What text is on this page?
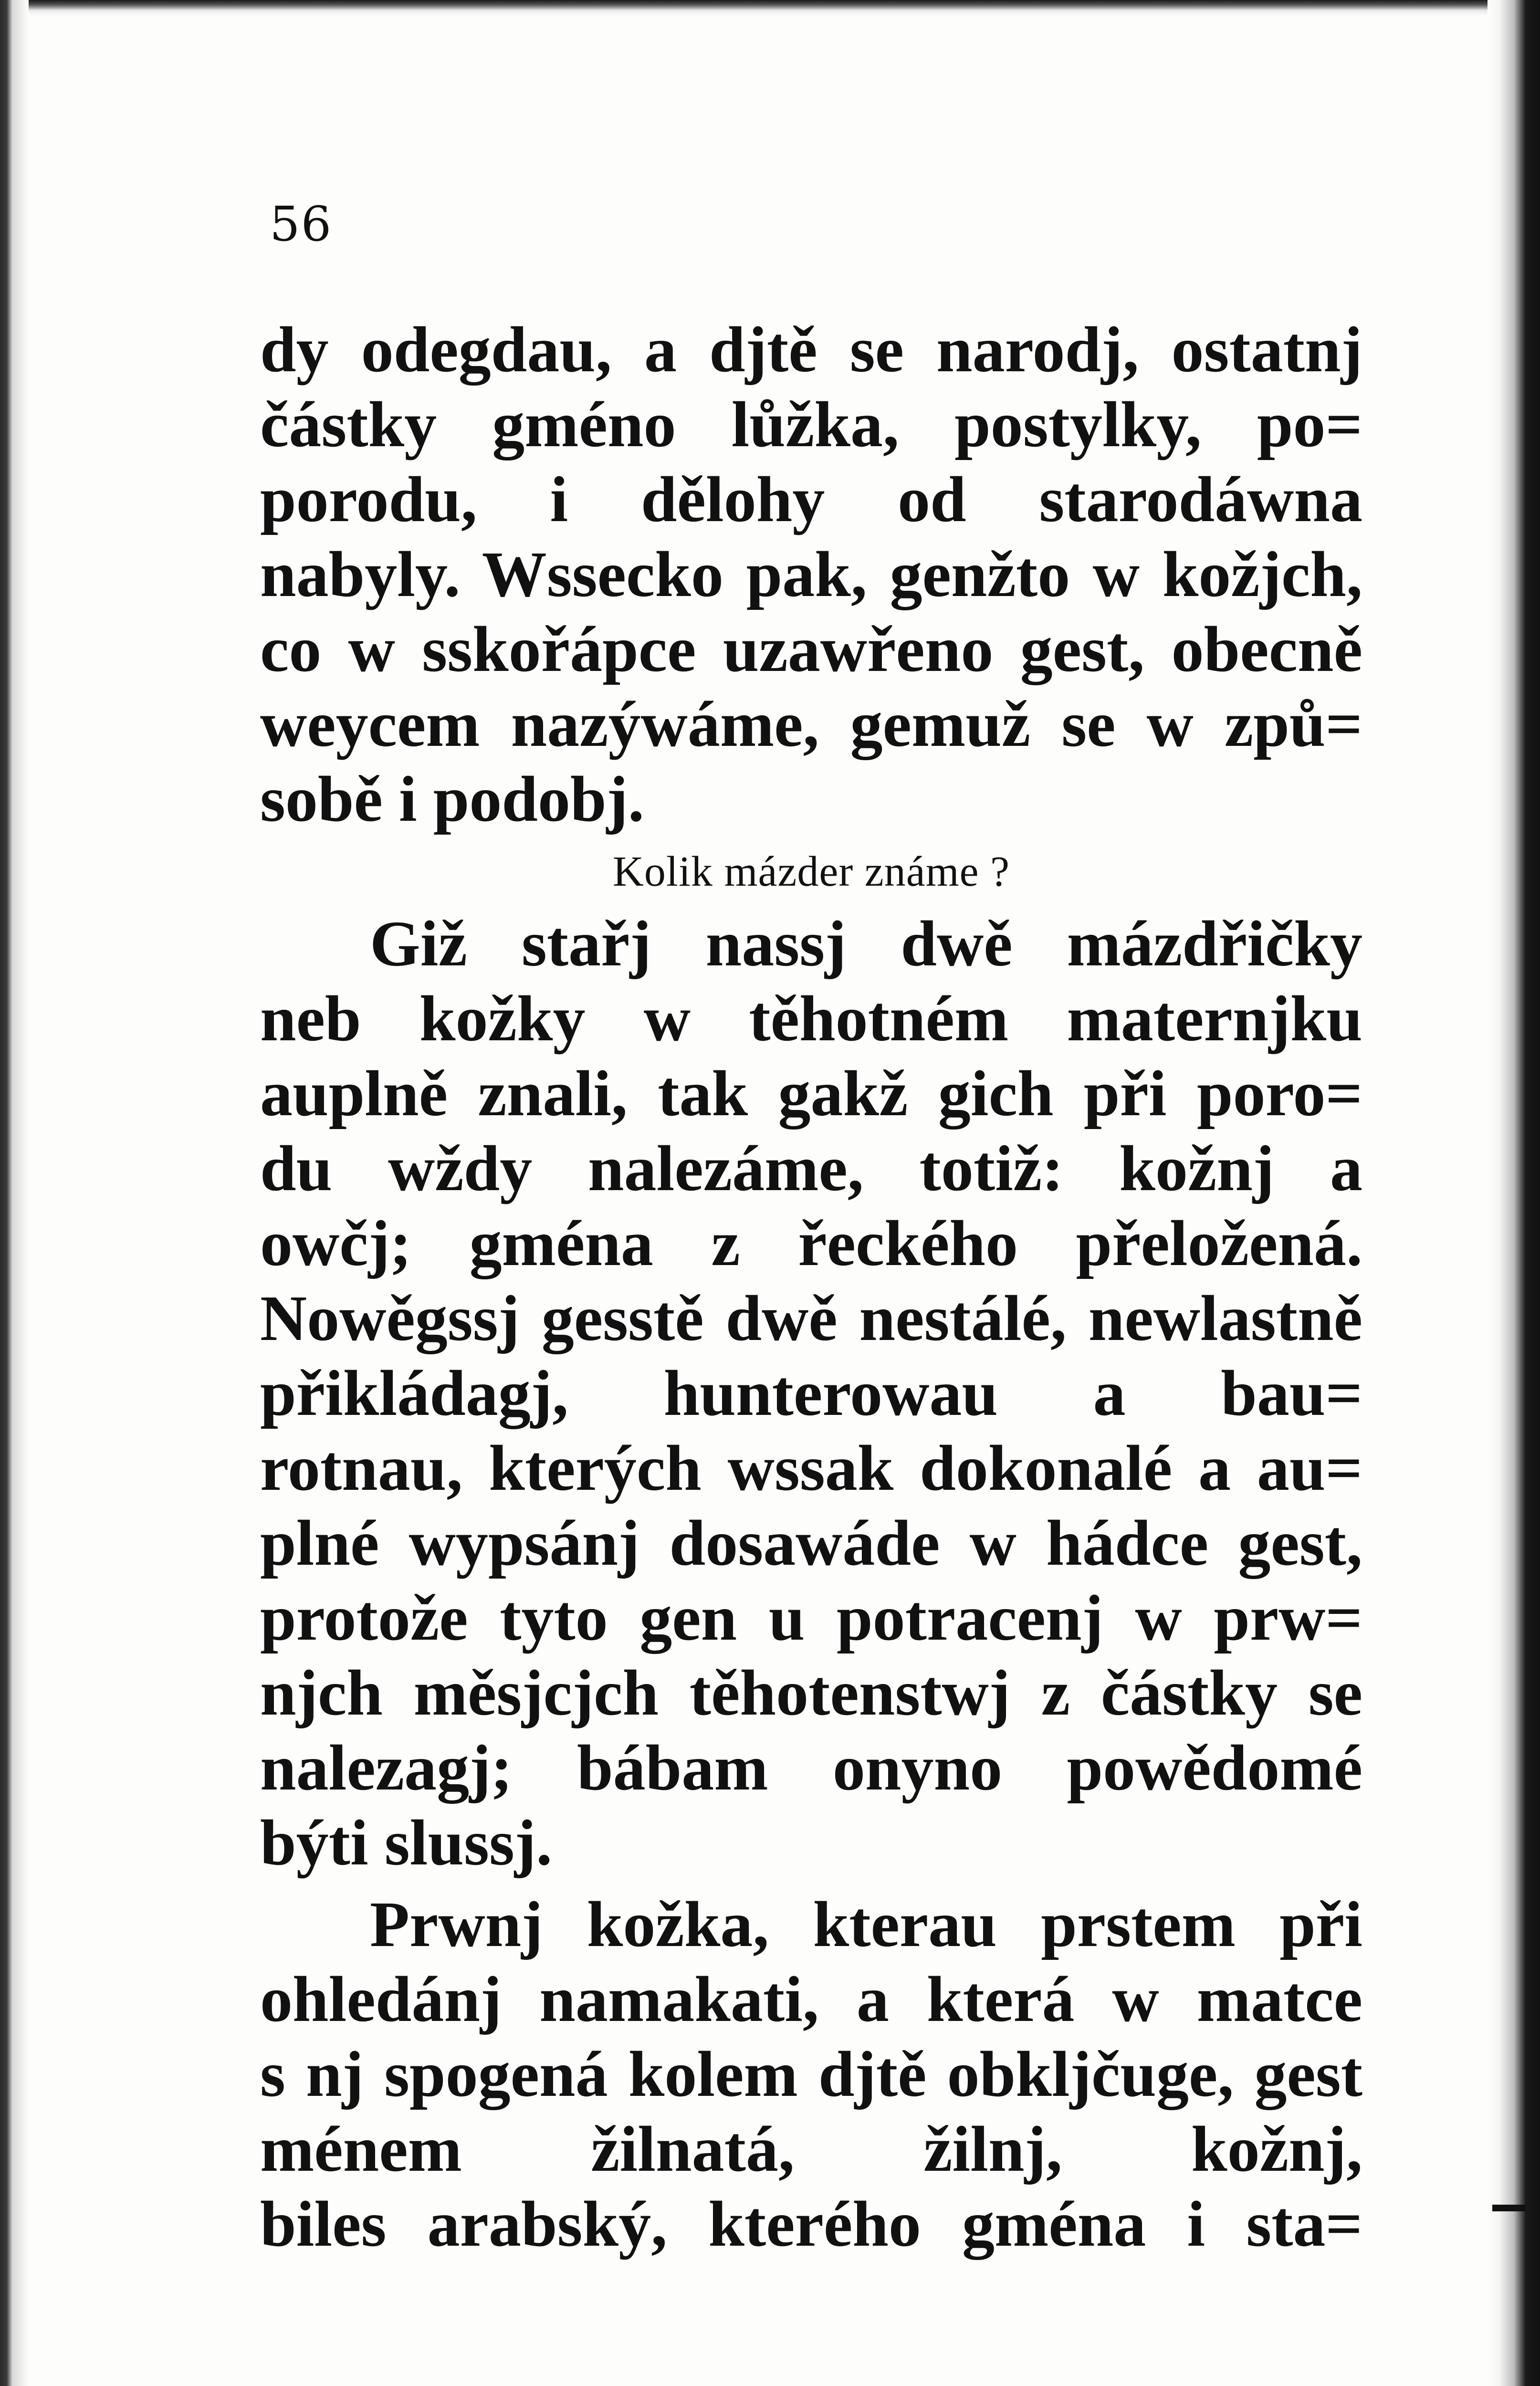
56
dy odegdau, a djtě se narodj, ostatnj
částky gméno lůžka, postylky, po=
porodu, i dělohy od starodáwna
nabyly. Wssecko pak, genžto w kožjch,
co w sskořápce uzawřeno gest, obecně
weycem nazýwáme, gemuž se w způ=
sobě i podobj.
Kolik mázder známe ?
Giž stařj nassj dwě mázdřičky
neb kožky w těhotném maternjku
auplně znali, tak gakž gich při poro=
du wždy nalezáme, totiž: kožnj a
owčj; gména z řeckého přeložená.
Nowěgssj gesstě dwě nestálé, newlastně
přikládagj, hunterowau a bau=
rotnau, kterých wssak dokonalé a au=
plné wypsánj dosawáde w hádce gest,
protože tyto gen u potracenj w prw=
njch měsjcjch těhotenstwj z částky se
nalezagj; bábam onyno powědomé
býti slussj.
Prwnj kožka, kterau prstem při
ohledánj namakati, a která w matce
s nj spogená kolem djtě obkljčuge, gest
ménem žilnatá, žilnj, kožnj,
biles arabský, kterého gména i sta=
